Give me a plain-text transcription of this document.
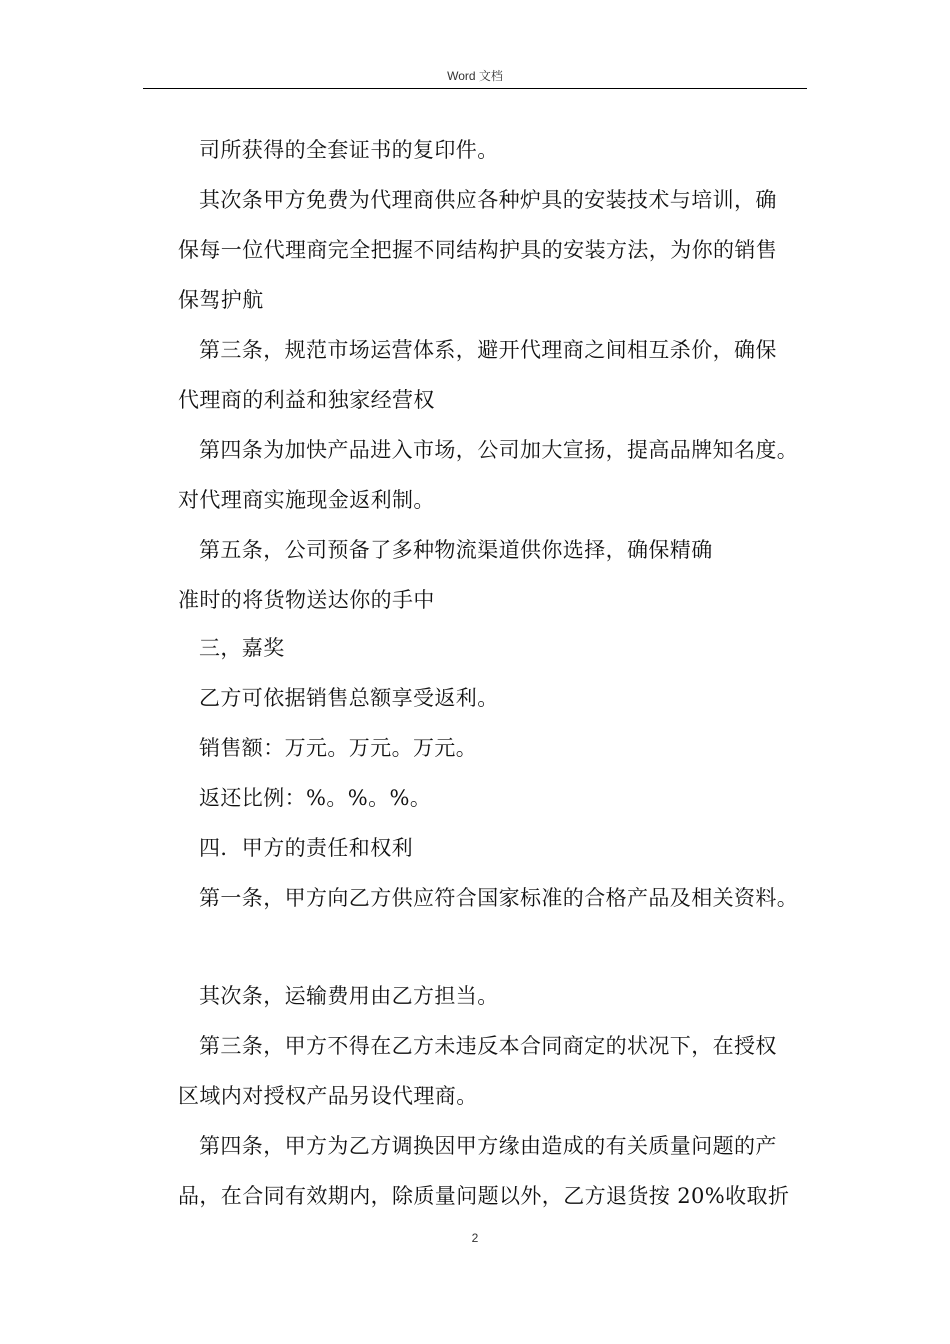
Word 文档
司所获得的全套证书的复印件。
其次条甲方免费为代理商供应各种炉具的安装技术与培训，确
保每一位代理商完全把握不同结构护具的安装方法，为你的销售
保驾护航
第三条，规范市场运营体系，避开代理商之间相互杀价，确保
代理商的利益和独家经营权
第四条为加快产品进入市场，公司加大宣扬，提高品牌知名度。
对代理商实施现金返利制。
第五条，公司预备了多种物流渠道供你选择，确保精确
准时的将货物送达你的手中
三，嘉奖
乙方可依据销售总额享受返利。
销售额：万元。万元。万元。
返还比例：%。%。%。
四．甲方的责任和权利
第一条，甲方向乙方供应符合国家标准的合格产品及相关资料。
其次条，运输费用由乙方担当。
第三条，甲方不得在乙方未违反本合同商定的状况下，在授权
区域内对授权产品另设代理商。
第四条，甲方为乙方调换因甲方缘由造成的有关质量问题的产
品，在合同有效期内，除质量问题以外，乙方退货按 20%收取折
2
